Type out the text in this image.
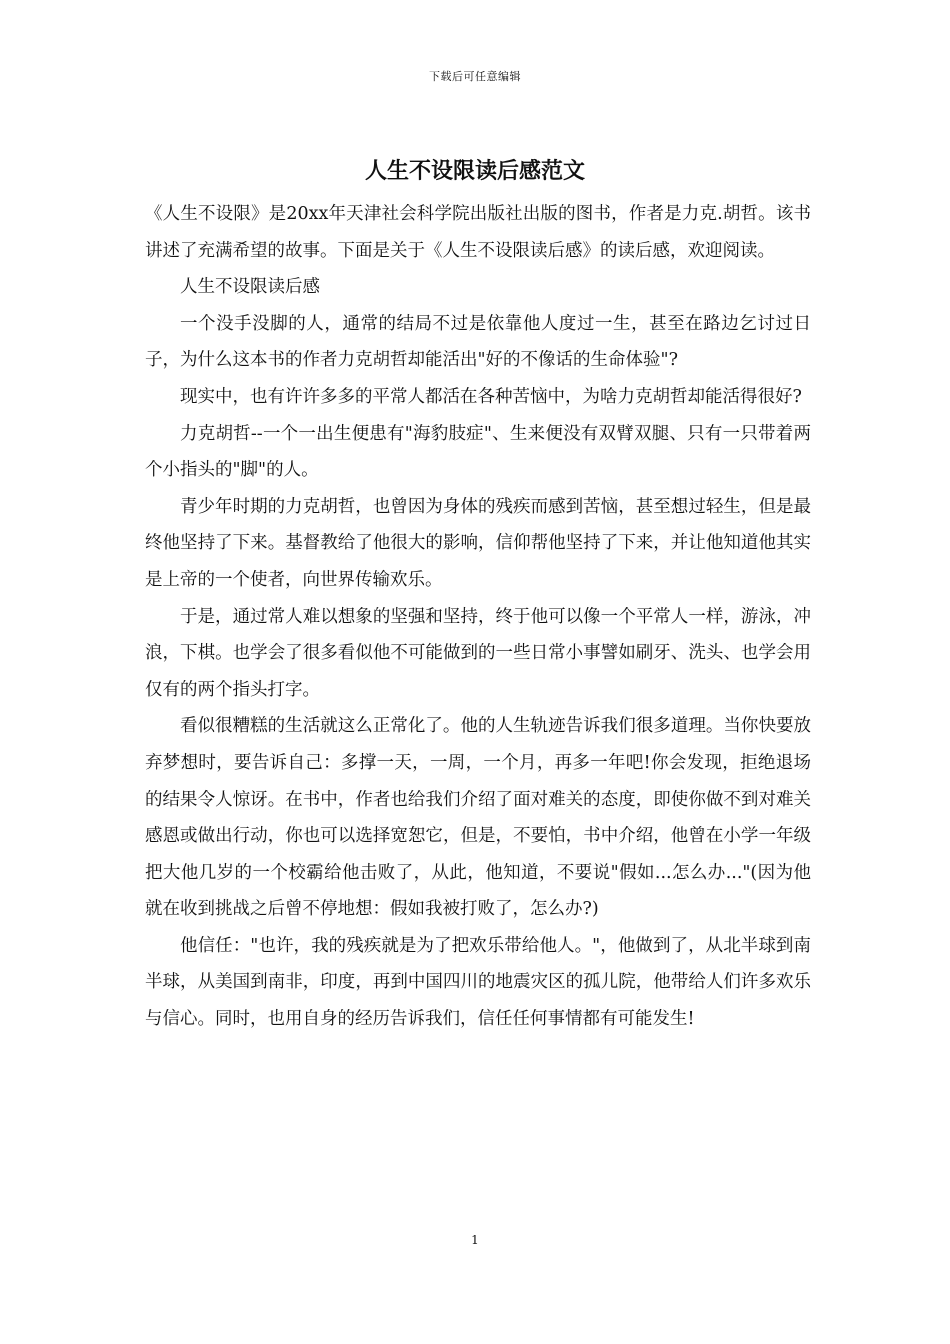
下载后可任意编辑
人生不设限读后感范文

《人生不设限》是20xx年天津社会科学院出版社出版的图书，作者是力克.胡哲。该书讲述了充满希望的故事。下面是关于《人生不设限读后感》的读后感，欢迎阅读。

人生不设限读后感

一个没手没脚的人，通常的结局不过是依靠他人度过一生，甚至在路边乞讨过日子，为什么这本书的作者力克胡哲却能活出"好的不像话的生命体验"?

现实中，也有许许多多的平常人都活在各种苦恼中，为啥力克胡哲却能活得很好?

力克胡哲--一个一出生便患有"海豹肢症"、生来便没有双臂双腿、只有一只带着两个小指头的"脚"的人。

青少年时期的力克胡哲，也曾因为身体的残疾而感到苦恼，甚至想过轻生，但是最终他坚持了下来。基督教给了他很大的影响，信仰帮他坚持了下来，并让他知道他其实是上帝的一个使者，向世界传输欢乐。

于是，通过常人难以想象的坚强和坚持，终于他可以像一个平常人一样，游泳，冲浪，下棋。也学会了很多看似他不可能做到的一些日常小事譬如刷牙、洗头、也学会用仅有的两个指头打字。

看似很糟糕的生活就这么正常化了。他的人生轨迹告诉我们很多道理。当你快要放弃梦想时，要告诉自己：多撑一天，一周，一个月，再多一年吧!你会发现，拒绝退场的结果令人惊讶。在书中，作者也给我们介绍了面对难关的态度，即使你做不到对难关感恩或做出行动，你也可以选择宽恕它，但是，不要怕，书中介绍，他曾在小学一年级把大他几岁的一个校霸给他击败了，从此，他知道，不要说"假如...怎么办..."(因为他就在收到挑战之后曾不停地想：假如我被打败了，怎么办?)

他信任："也许，我的残疾就是为了把欢乐带给他人。"，他做到了，从北半球到南半球，从美国到南非，印度，再到中国四川的地震灾区的孤儿院，他带给人们许多欢乐与信心。同时，也用自身的经历告诉我们，信任任何事情都有可能发生!

1
